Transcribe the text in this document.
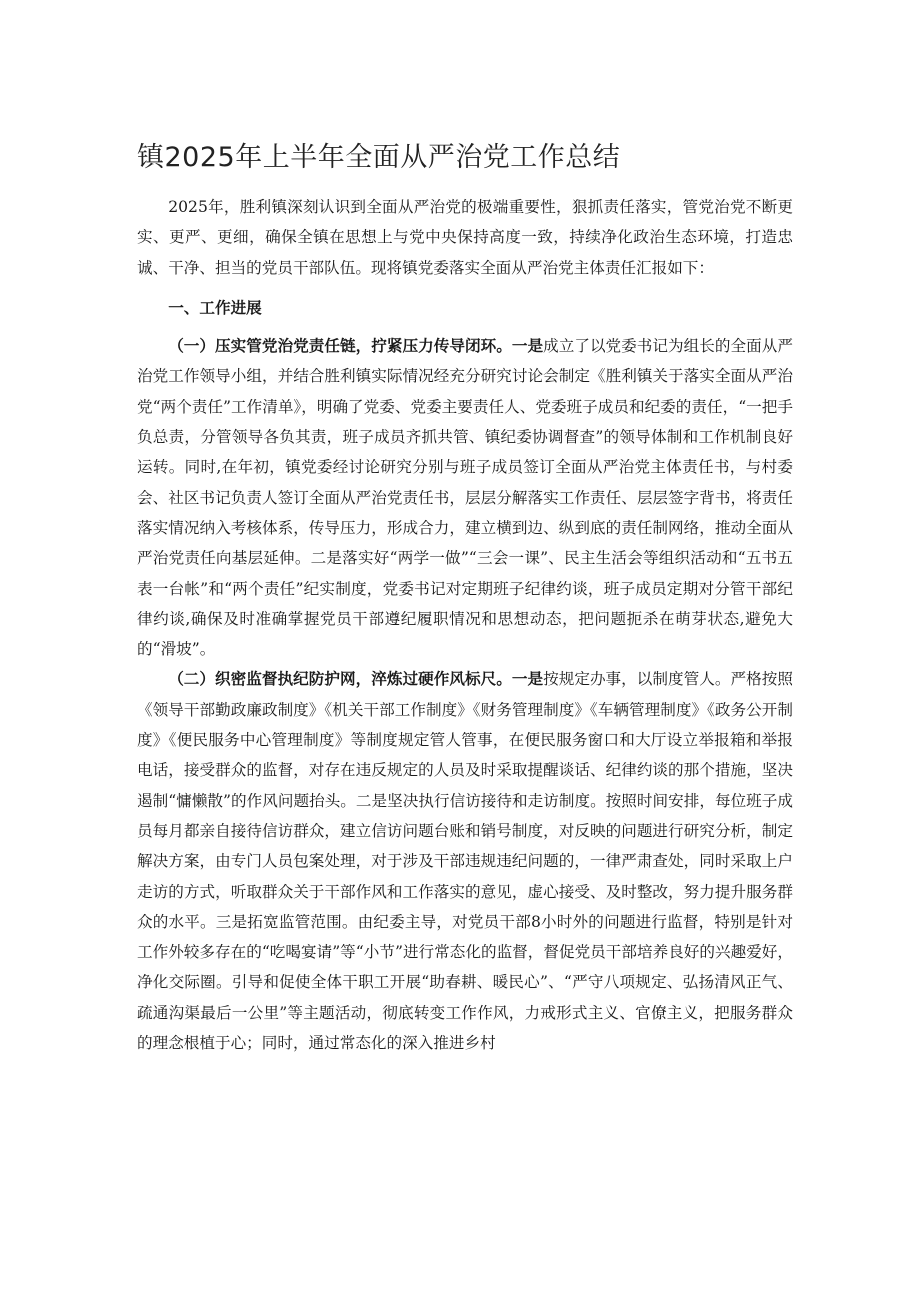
镇2025年上半年全面从严治党工作总结

2025年，胜利镇深刻认识到全面从严治党的极端重要性，狠抓责任落实，管党治党不断更实、更严、更细，确保全镇在思想上与党中央保持高度一致，持续净化政治生态环境，打造忠诚、干净、担当的党员干部队伍。现将镇党委落实全面从严治党主体责任汇报如下：

一、工作进展

（一）压实管党治党责任链，拧紧压力传导闭环。一是成立了以党委书记为组长的全面从严治党工作领导小组，并结合胜利镇实际情况经充分研究讨论会制定《胜利镇关于落实全面从严治党“两个责任”工作清单》，明确了党委、党委主要责任人、党委班子成员和纪委的责任，“一把手负总责，分管领导各负其责，班子成员齐抓共管、镇纪委协调督查”的领导体制和工作机制良好运转。同时,在年初，镇党委经讨论研究分别与班子成员签订全面从严治党主体责任书，与村委会、社区书记负责人签订全面从严治党责任书，层层分解落实工作责任、层层签字背书，将责任落实情况纳入考核体系，传导压力，形成合力，建立横到边、纵到底的责任制网络，推动全面从严治党责任向基层延伸。二是落实好“两学一做”“三会一课”、民主生活会等组织活动和“五书五表一台帐”和“两个责任”纪实制度，党委书记对定期班子纪律约谈，班子成员定期对分管干部纪律约谈,确保及时准确掌握党员干部遵纪履职情况和思想动态，把问题扼杀在萌芽状态,避免大的“滑坡”。

（二）织密监督执纪防护网，淬炼过硬作风标尺。一是按规定办事，以制度管人。严格按照《领导干部勤政廉政制度》《机关干部工作制度》《财务管理制度》《车辆管理制度》《政务公开制度》《便民服务中心管理制度》等制度规定管人管事，在便民服务窗口和大厅设立举报箱和举报电话，接受群众的监督，对存在违反规定的人员及时采取提醒谈话、纪律约谈的那个措施，坚决遏制“慵懒散”的作风问题抬头。二是坚决执行信访接待和走访制度。按照时间安排，每位班子成员每月都亲自接待信访群众，建立信访问题台账和销号制度，对反映的问题进行研究分析，制定解决方案，由专门人员包案处理，对于涉及干部违规违纪问题的，一律严肃查处，同时采取上户走访的方式，听取群众关于干部作风和工作落实的意见，虚心接受、及时整改，努力提升服务群众的水平。三是拓宽监管范围。由纪委主导，对党员干部8小时外的问题进行监督，特别是针对工作外较多存在的“吃喝宴请”等“小节”进行常态化的监督，督促党员干部培养良好的兴趣爱好，净化交际圈。引导和促使全体干职工开展“助春耕、暖民心”、“严守八项规定、弘扬清风正气、疏通沟渠最后一公里”等主题活动，彻底转变工作作风，力戒形式主义、官僚主义，把服务群众的理念根植于心；同时，通过常态化的深入推进乡村
